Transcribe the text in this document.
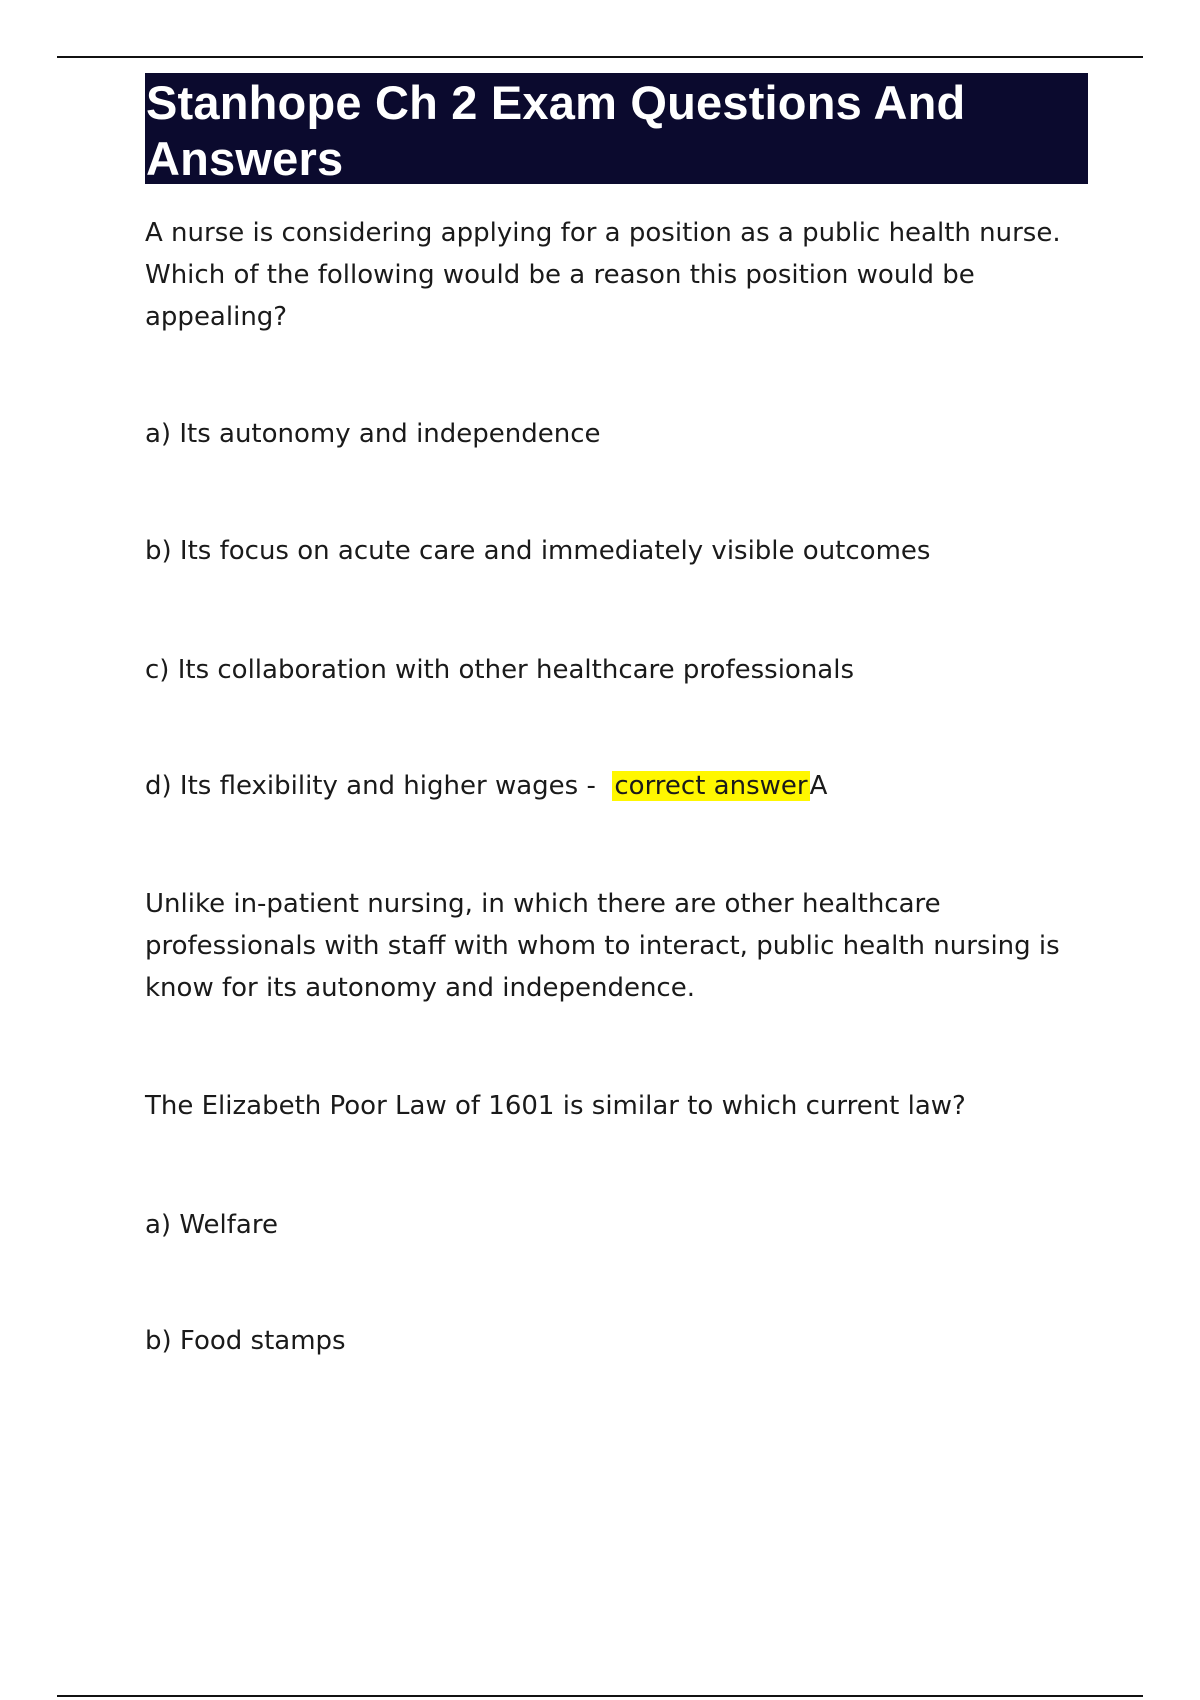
Stanhope Ch 2 Exam Questions And Answers

A nurse is considering applying for a position as a public health nurse. Which of the following would be a reason this position would be appealing?

a) Its autonomy and independence

b) Its focus on acute care and immediately visible outcomes

c) Its collaboration with other healthcare professionals

d) Its flexibility and higher wages - correct answerA

Unlike in-patient nursing, in which there are other healthcare professionals with staff with whom to interact, public health nursing is know for its autonomy and independence.

The Elizabeth Poor Law of 1601 is similar to which current law?

a) Welfare

b) Food stamps
